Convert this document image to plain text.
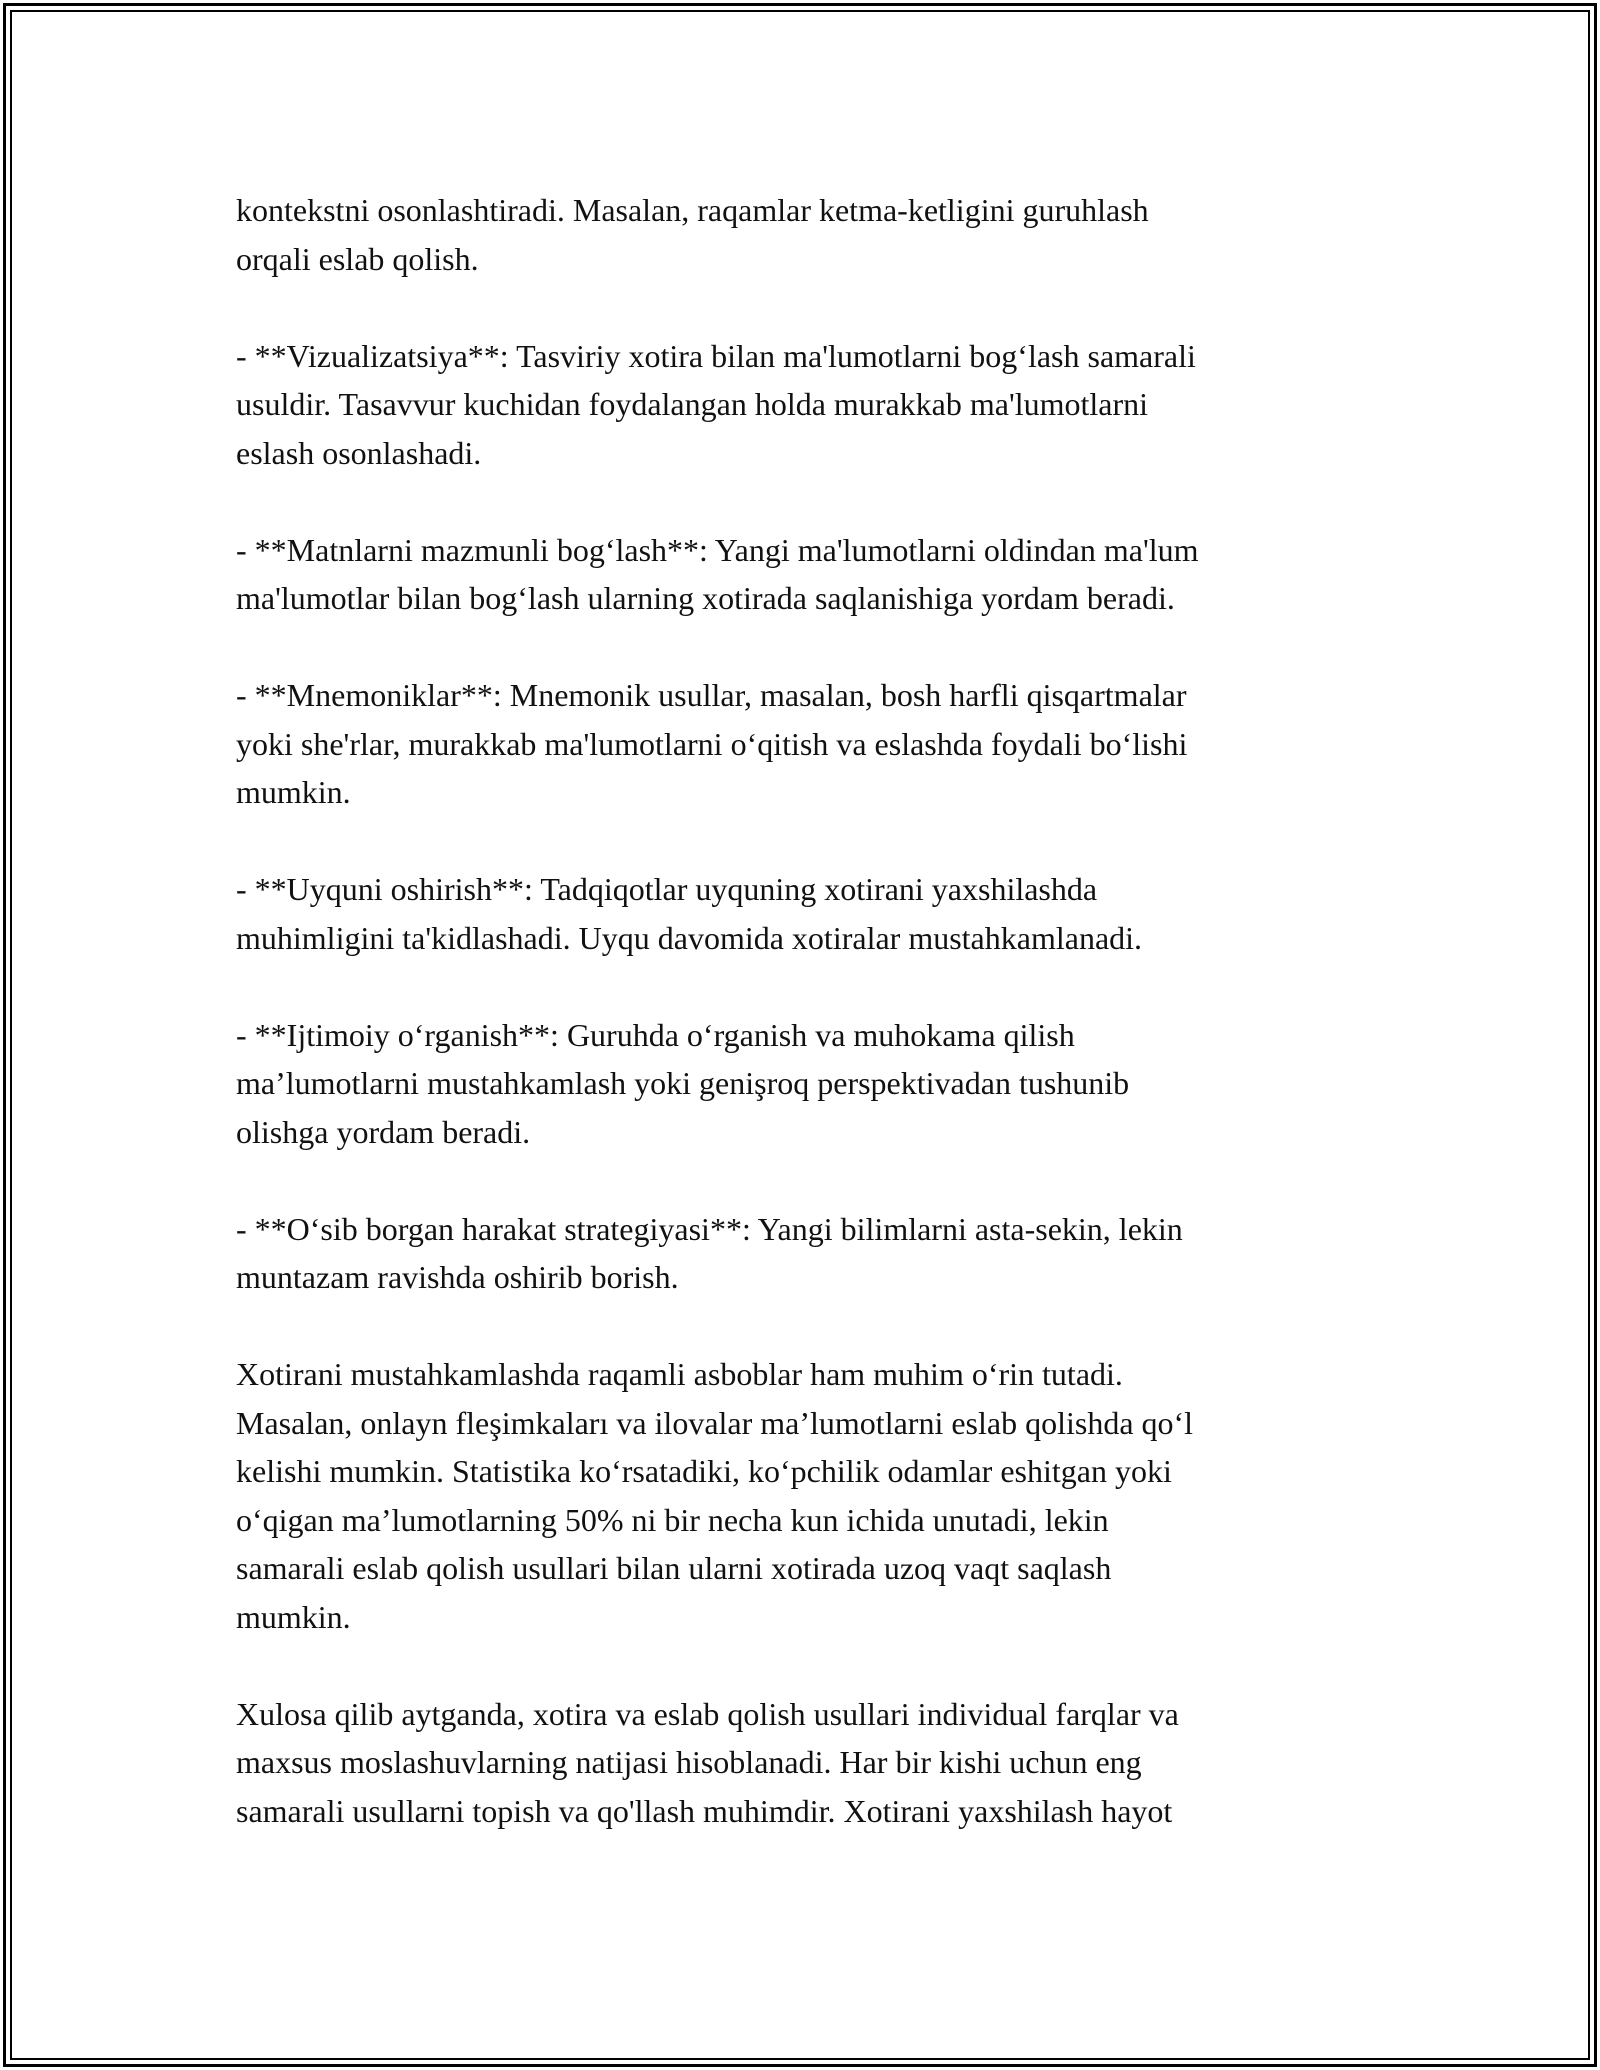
kontekstni osonlashtiradi. Masalan, raqamlar ketma-ketligini guruhlash
orqali eslab qolish.

- **Vizualizatsiya**: Tasviriy xotira bilan ma'lumotlarni bog‘lash samarali
usuldir. Tasavvur kuchidan foydalangan holda murakkab ma'lumotlarni
eslash osonlashadi.

- **Matnlarni mazmunli bog‘lash**: Yangi ma'lumotlarni oldindan ma'lum
ma'lumotlar bilan bog‘lash ularning xotirada saqlanishiga yordam beradi.

- **Mnemoniklar**: Mnemonik usullar, masalan, bosh harfli qisqartmalar
yoki she'rlar, murakkab ma'lumotlarni o‘qitish va eslashda foydali bo‘lishi
mumkin.

- **Uyquni oshirish**: Tadqiqotlar uyquning xotirani yaxshilashda
muhimligini ta'kidlashadi. Uyqu davomida xotiralar mustahkamlanadi.

- **Ijtimoiy o‘rganish**: Guruhda o‘rganish va muhokama qilish
ma’lumotlarni mustahkamlash yoki genişroq perspektivadan tushunib
olishga yordam beradi.

- **O‘sib borgan harakat strategiyasi**: Yangi bilimlarni asta-sekin, lekin
muntazam ravishda oshirib borish.

Xotirani mustahkamlashda raqamli asboblar ham muhim o‘rin tutadi.
Masalan, onlayn fleşimkaları va ilovalar ma’lumotlarni eslab qolishda qo‘l
kelishi mumkin. Statistika ko‘rsatadiki, ko‘pchilik odamlar eshitgan yoki
o‘qigan ma’lumotlarning 50% ni bir necha kun ichida unutadi, lekin
samarali eslab qolish usullari bilan ularni xotirada uzoq vaqt saqlash
mumkin.

Xulosa qilib aytganda, xotira va eslab qolish usullari individual farqlar va
maxsus moslashuvlarning natijasi hisoblanadi. Har bir kishi uchun eng
samarali usullarni topish va qo'llash muhimdir. Xotirani yaxshilash hayot
